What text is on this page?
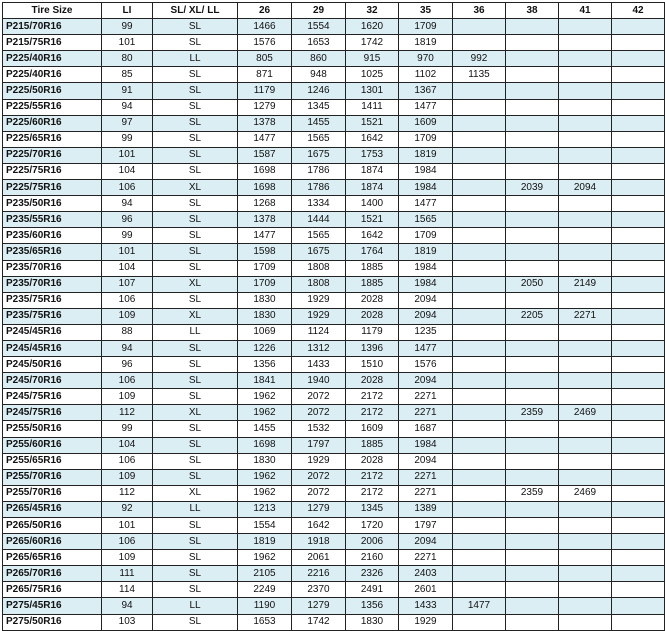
Tire Size	LI	SL/ XL/ LL	26	29	32	35	36	38	41	42
P215/70R16	99	SL	1466	1554	1620	1709				
P215/75R16	101	SL	1576	1653	1742	1819				
P225/40R16	80	LL	805	860	915	970	992			
P225/40R16	85	SL	871	948	1025	1102	1135			
P225/50R16	91	SL	1179	1246	1301	1367				
P225/55R16	94	SL	1279	1345	1411	1477				
P225/60R16	97	SL	1378	1455	1521	1609				
P225/65R16	99	SL	1477	1565	1642	1709				
P225/70R16	101	SL	1587	1675	1753	1819				
P225/75R16	104	SL	1698	1786	1874	1984				
P225/75R16	106	XL	1698	1786	1874	1984		2039	2094	
P235/50R16	94	SL	1268	1334	1400	1477				
P235/55R16	96	SL	1378	1444	1521	1565				
P235/60R16	99	SL	1477	1565	1642	1709				
P235/65R16	101	SL	1598	1675	1764	1819				
P235/70R16	104	SL	1709	1808	1885	1984				
P235/70R16	107	XL	1709	1808	1885	1984		2050	2149	
P235/75R16	106	SL	1830	1929	2028	2094				
P235/75R16	109	XL	1830	1929	2028	2094		2205	2271	
P245/45R16	88	LL	1069	1124	1179	1235				
P245/45R16	94	SL	1226	1312	1396	1477				
P245/50R16	96	SL	1356	1433	1510	1576				
P245/70R16	106	SL	1841	1940	2028	2094				
P245/75R16	109	SL	1962	2072	2172	2271				
P245/75R16	112	XL	1962	2072	2172	2271		2359	2469	
P255/50R16	99	SL	1455	1532	1609	1687				
P255/60R16	104	SL	1698	1797	1885	1984				
P255/65R16	106	SL	1830	1929	2028	2094				
P255/70R16	109	SL	1962	2072	2172	2271				
P255/70R16	112	XL	1962	2072	2172	2271		2359	2469	
P265/45R16	92	LL	1213	1279	1345	1389				
P265/50R16	101	SL	1554	1642	1720	1797				
P265/60R16	106	SL	1819	1918	2006	2094				
P265/65R16	109	SL	1962	2061	2160	2271				
P265/70R16	111	SL	2105	2216	2326	2403				
P265/75R16	114	SL	2249	2370	2491	2601				
P275/45R16	94	LL	1190	1279	1356	1433	1477			
P275/50R16	103	SL	1653	1742	1830	1929				
